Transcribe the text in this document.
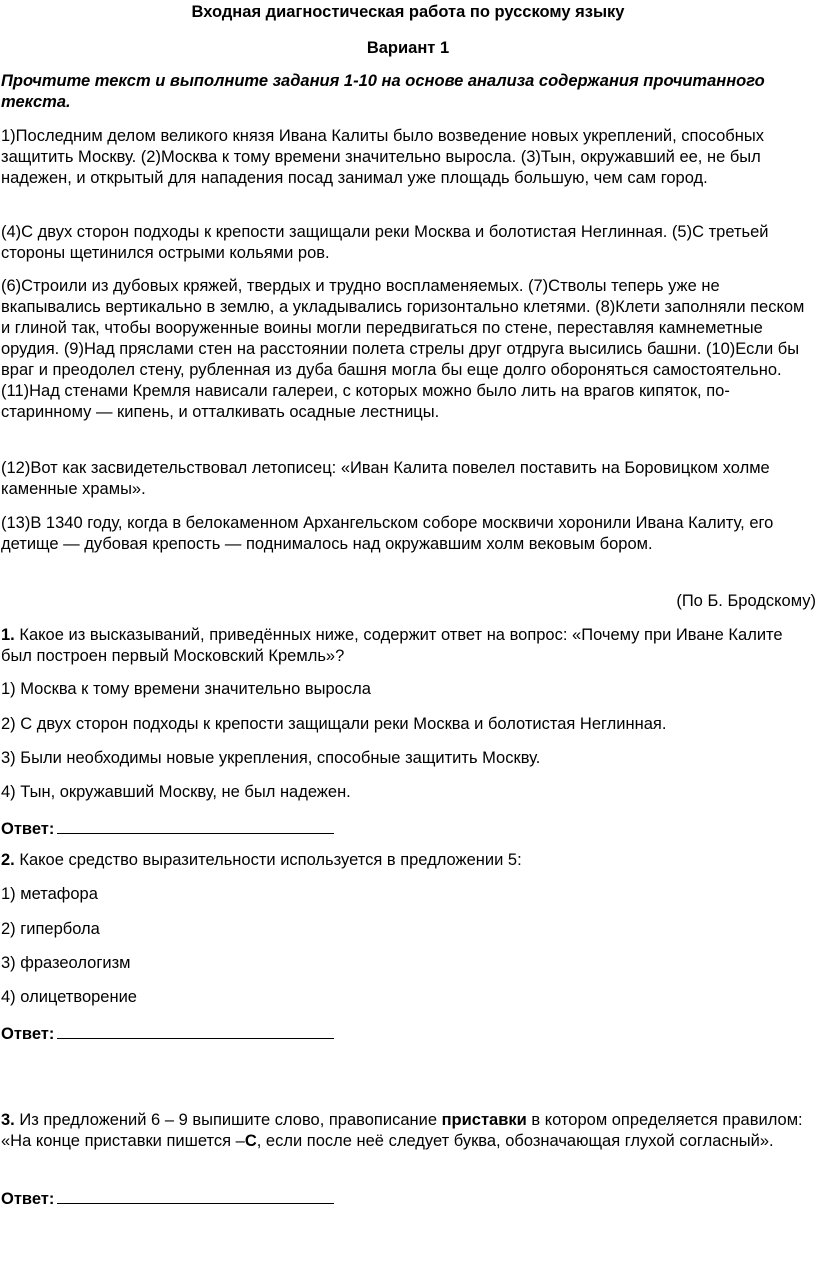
Входная диагностическая работа по русскому языку
Вариант 1
Прочтите текст и выполните задания 1-10 на основе анализа содержания прочитанного текста.
1)Последним делом великого князя Ивана Калиты было возведение новых укреплений, способных защитить Москву. (2)Москва к тому времени значительно выросла. (3)Тын, окружавший ее, не был надежен, и открытый для нападения посад занимал уже площадь большую, чем сам город.
(4)С двух сторон подходы к крепости защищали реки Москва и болотистая Неглинная. (5)С третьей стороны щетинился острыми кольями ров.
(6)Строили из дубовых кряжей, твердых и трудно воспламеняемых. (7)Стволы теперь уже не вкапывались вертикально в землю, а укладывались горизонтально клетями. (8)Клети заполняли песком и глиной так, чтобы вооруженные воины могли передвигаться по стене, переставляя камнеметные орудия. (9)Над пряслами стен на расстоянии полета стрелы друг отдруга высились башни. (10)Если бы враг и преодолел стену, рубленная из дуба башня могла бы еще долго обороняться самостоятельно. (11)Над стенами Кремля нависали галереи, с которых можно было лить на врагов кипяток, по-старинному — кипень, и отталкивать осадные лестницы.
(12)Вот как засвидетельствовал летописец: «Иван Калита повелел поставить на Боровицком холме каменные храмы».
(13)В 1340 году, когда в белокаменном Архангельском соборе москвичи хоронили Ивана Калиту, его детище — дубовая крепость — поднималось над окружавшим холм вековым бором.
(По Б. Бродскому)
1. Какое из высказываний, приведённых ниже, содержит ответ на вопрос: «Почему при Иване Калите был построен первый Московский Кремль»?
1) Москва к тому времени значительно выросла
2) С двух сторон подходы к крепости защищали реки Москва и болотистая Неглинная.
3) Были необходимы новые укрепления, способные защитить Москву.
4) Тын, окружавший Москву, не был надежен.
Ответ:
2. Какое средство выразительности используется в предложении 5:
1) метафора
2) гипербола
3) фразеологизм
4) олицетворение
Ответ:
3. Из предложений 6 – 9 выпишите слово, правописание приставки в котором определяется правилом: «На конце приставки пишется –С, если после неё следует буква, обозначающая глухой согласный».
Ответ:
